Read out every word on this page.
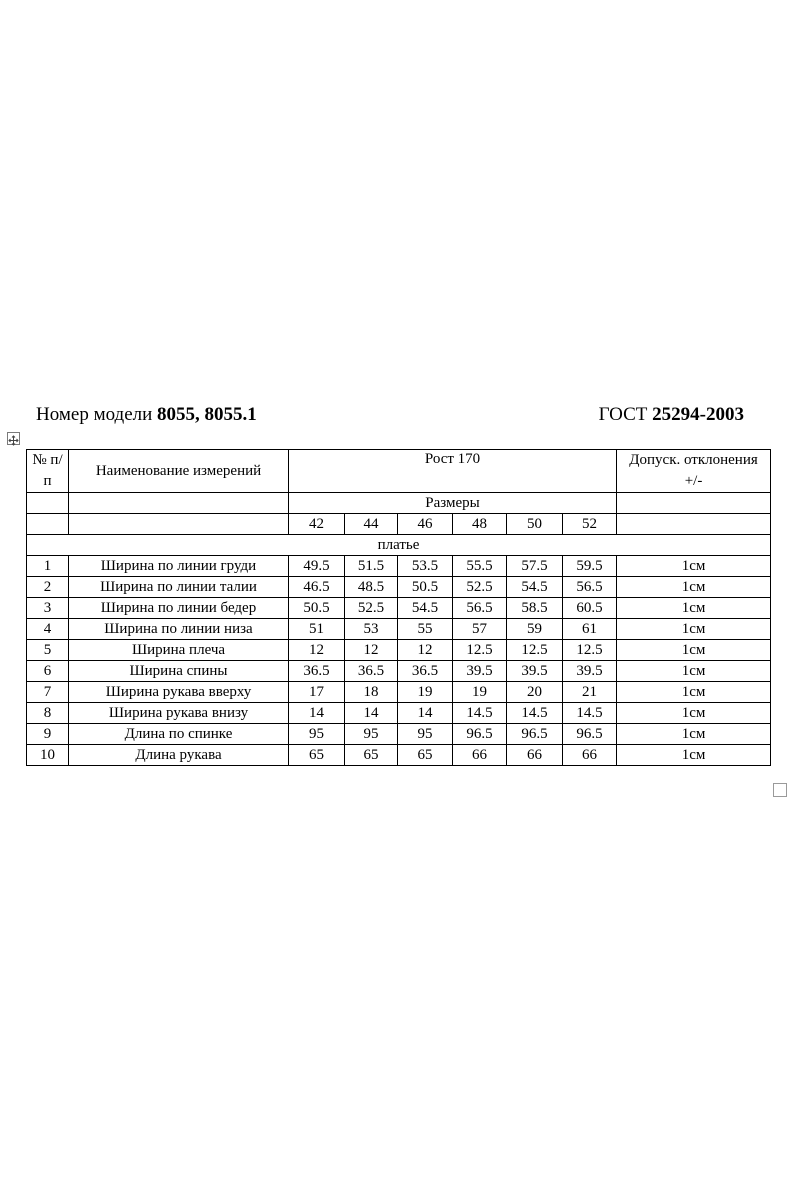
Номер модели 8055, 8055.1	ГОСТ 25294-2003
№ п/п	Наименование измерений	Рост 170						Допуск. отклонения +/-
		Размеры						
		42	44	46	48	50	52	
платье								
1	Ширина по линии груди	49.5	51.5	53.5	55.5	57.5	59.5	1см
2	Ширина по линии талии	46.5	48.5	50.5	52.5	54.5	56.5	1см
3	Ширина по линии бедер	50.5	52.5	54.5	56.5	58.5	60.5	1см
4	Ширина по линии низа	51	53	55	57	59	61	1см
5	Ширина плеча	12	12	12	12.5	12.5	12.5	1см
6	Ширина спины	36.5	36.5	36.5	39.5	39.5	39.5	1см
7	Ширина рукава вверху	17	18	19	19	20	21	1см
8	Ширина рукава внизу	14	14	14	14.5	14.5	14.5	1см
9	Длина по спинке	95	95	95	96.5	96.5	96.5	1см
10	Длина рукава	65	65	65	66	66	66	1см
